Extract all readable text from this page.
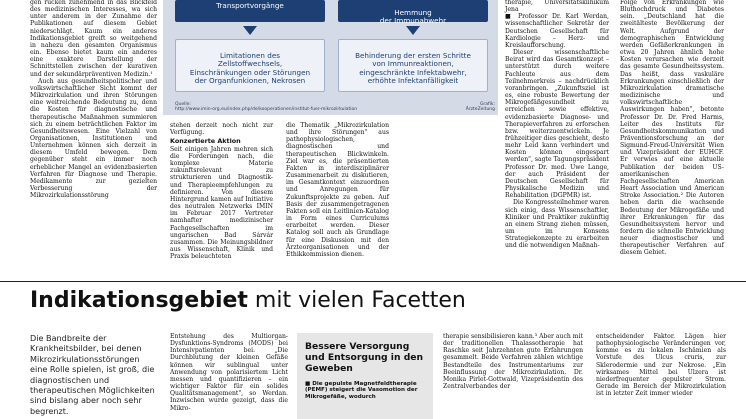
gen rücken zunehmend in das Blickfeld des medizinischen Interesses, wa sich unter anderem in der Zunahme der Publikationen auf diesem Gebiet niederschlägt. Kaum ein anderes Indikationsgebiet greift so weitgehend in nahezu den gesamten Organismus ein. Ebenso bietet kaum ein anderes eine exaktere Darstellung der Schnittstellen zwischen der kurativen und der sekundärpräventiven Medizin.¹

Auch aus gesundheitspolitischer und volkswirtschaftlicher Sicht kommt der Mikrozirkulation und ihren Störungen eine weitreichende Bedeutung zu, denn die Kosten für diagnostische und therapeutische Maßnahmen summieren sich zu einem beträchtlichen Faktor im Gesundheitswesen. Eine Vielzahl von Organisationen, Institutionen und Unternehmen können sich derzeit in diesem Umfeld bewegen. Dem gegenüber steht ein immer noch erheblicher Mangel an evidenzbasierten Verfahren für Diagnose und Therapie. Medikamente zur gezielten Verbesserung der Mikrozirkulationsstörung

Transportvorgänge

Hemmung
der Immunabwehr

Limitationen des
Zellstoffwechsels,
Einschränkungen oder Störungen
der Organfunkionen, Nekrosen

Behinderung der ersten Schritte
von Immunreaktionen,
eingeschränkte Infektabwehr,
erhöhte Infektanfälligkeit

Quelle:
http://www.imin-org.eu/index.php/de/kooperationen/institut-fuer-mikrozirkulation
Grafik:
ÄrzteZeitung

stehen derzeit noch nicht zur Verfügung.

Konzertierte Aktion

Seit einigen Jahren mehren sich die Forderungen nach, die komplexe Materie zukunftsrelevant zu strukturieren und Diagnostik- und Therapieempfehlungen zu definieren. Von diesem Hintergrund kamen auf Initiative des neutralen Netzwerks IMIN im Februar 2017 Vertreter namhafter medizinischer Fachgesellschaften im ungarischen Bad Sárvár zusammen. Die Meinungsbildner aus Wissenschaft, Klinik und Praxis beleuchteten

die Thematik „Mikrozirkulation und ihre Störungen" aus pathophysiologischen, diagnostischen und therapeutischen Blickwinkeln. Ziel war es, die präsentierten Fakten in interdisziplinärer Zusammenarbeit zu diskutieren, im Gesamtkontext einzuordnen und Anregungen für Zukunftsprojekte zu geben. Auf Basis der zusammengetragenen Fakten soll ein Leitlinien-Katalog in Form eines Curriculums erarbeitet werden. Dieser Katalog soll auch als Grundlage für eine Diskussion mit den Ärzteorganisationen und der Ethikkommission dienen.

therapie, Universitätsklinikum Jena

■ Professor Dr. Karl Werdan, wissenschaftlicher Sekretär der Deutschen Gesellschaft für Kardiologie – Herz- und Kreislaufforschung.

Dieser wissenschaftliche Beirat wird das Gesamtkonzept – unterstützt durch weitere Fachleute aus dem Teilnehmerkreis – nachdrücklich voranbringen. „Zukunftsziel ist es, eine robuste Bewertung der Mikrogefäßgesundheit zu erreichen sowie effektive, evidenzbasierte Diagnose- und Therapieverfahren zu erforschen bzw. weiterzuentwickeln. Je frühzeitiger dies geschieht, desto mehr Leid kann verhindert und Kosten können eingespart werden", sagte Tagungspräsident Professor Dr. med. Uwe Lange, der auch Präsident der Deutschen Gesellschaft für Physikalische Medizin und Rehabilitation (DGPMR) ist.

Die Kongressteilnehmer waren sich einig, dass Wissenschaftler, Kliniker und Praktiker zukünftig an einem Strang ziehen müssen, um im Konsens Strategiekonzepte zu erarbeiten und die notwendigen Maßnah-

Folge von Erkrankungen wie Bluthochdruck und Diabetes sein. „Deutschland hat die zweitälteste Bevölkerung der Welt. Aufgrund der demographischen Entwicklung werden Gefäßerkrankungen in etwa 20 Jahren ähnlich hohe Kosten verursachen wie derzeit das gesamte Gesundheitssystem. Das heißt, dass vaskuläre Erkrankungen einschließlich der Mikrozirkulation dramatische medizinische und volkswirtschaftliche Auswirkungen haben", betonte Professor Dr. Dr. Fred Harms, Leiter des Instituts für Gesundheitskommunikation und Präventionsforschung an der Sigmund-Freud-Universität Wien und Vizepräsident der EUHCF. Er verwies auf eine aktuelle Publikation der beiden US-amerikanischen Fachgesellschaften American Heart Association und American Stroke Association.² Die Autoren heben darin die wachsende Bedeutung der Mikrogefäße und ihrer Erkrankungen für das Gesundheitssystem hervor und fordern die schnelle Entwicklung neuer diagnostischer und therapeutischer Verfahren auf diesem Gebiet.

Indikationsgebiet mit vielen Facetten

Die Bandbreite der Krankheitsbilder, bei denen Mikrozirkulationsstörungen eine Rolle spielen, ist groß, die diagnostischen und therapeutischen Möglichkeiten sind bislang aber noch sehr begrenzt.

Entstehung des Multiorgan-Dysfunktions-Syndroms (MODS) bei Intensivpatienten bei. „Die Durchblutung der kleinen Gefäße können wir sublingual unter Anwendung von polarisiertem Licht messen und quantifizieren – ein wichtiger Faktor für ein solides Qualitätsmanagement", so Werdan. Inzwischen wurde gezeigt, dass die Mikro-

Bessere Versorgung und Entsorgung in den Geweben
■ Die gepulste Magnetfeldtherapie (PEMF) steigert die Vasomotion der Mikrogefäße, wodurch

therapie sensibilisieren kann.³ Aber auch mit der traditionellen Thalassotherapie hat Raschke seit Jahrzehnten gute Erfahrungen gesammelt. Beide Verfahren zählen wichtige Bestandteile des Instrumentariums zur Beeinflussung der Mikrozirkulation. Dr. Monika Pirlet-Gottwald, Vizepräsidentin des Zentralverbandes der

entscheidender Faktor. Lägen hier pathophysiologische Veränderungen vor, komme es zu lokalen Ischämien als Vorstufe des Ulcus cruris, zur Sklerodermie und zur Nekrose. „Ein wirksames Mittel bei Ulzera ist niederfrequenter gepulster Strom. Gerade im Bereich der Mikrozirkulation ist in letzter Zeit immer wieder
